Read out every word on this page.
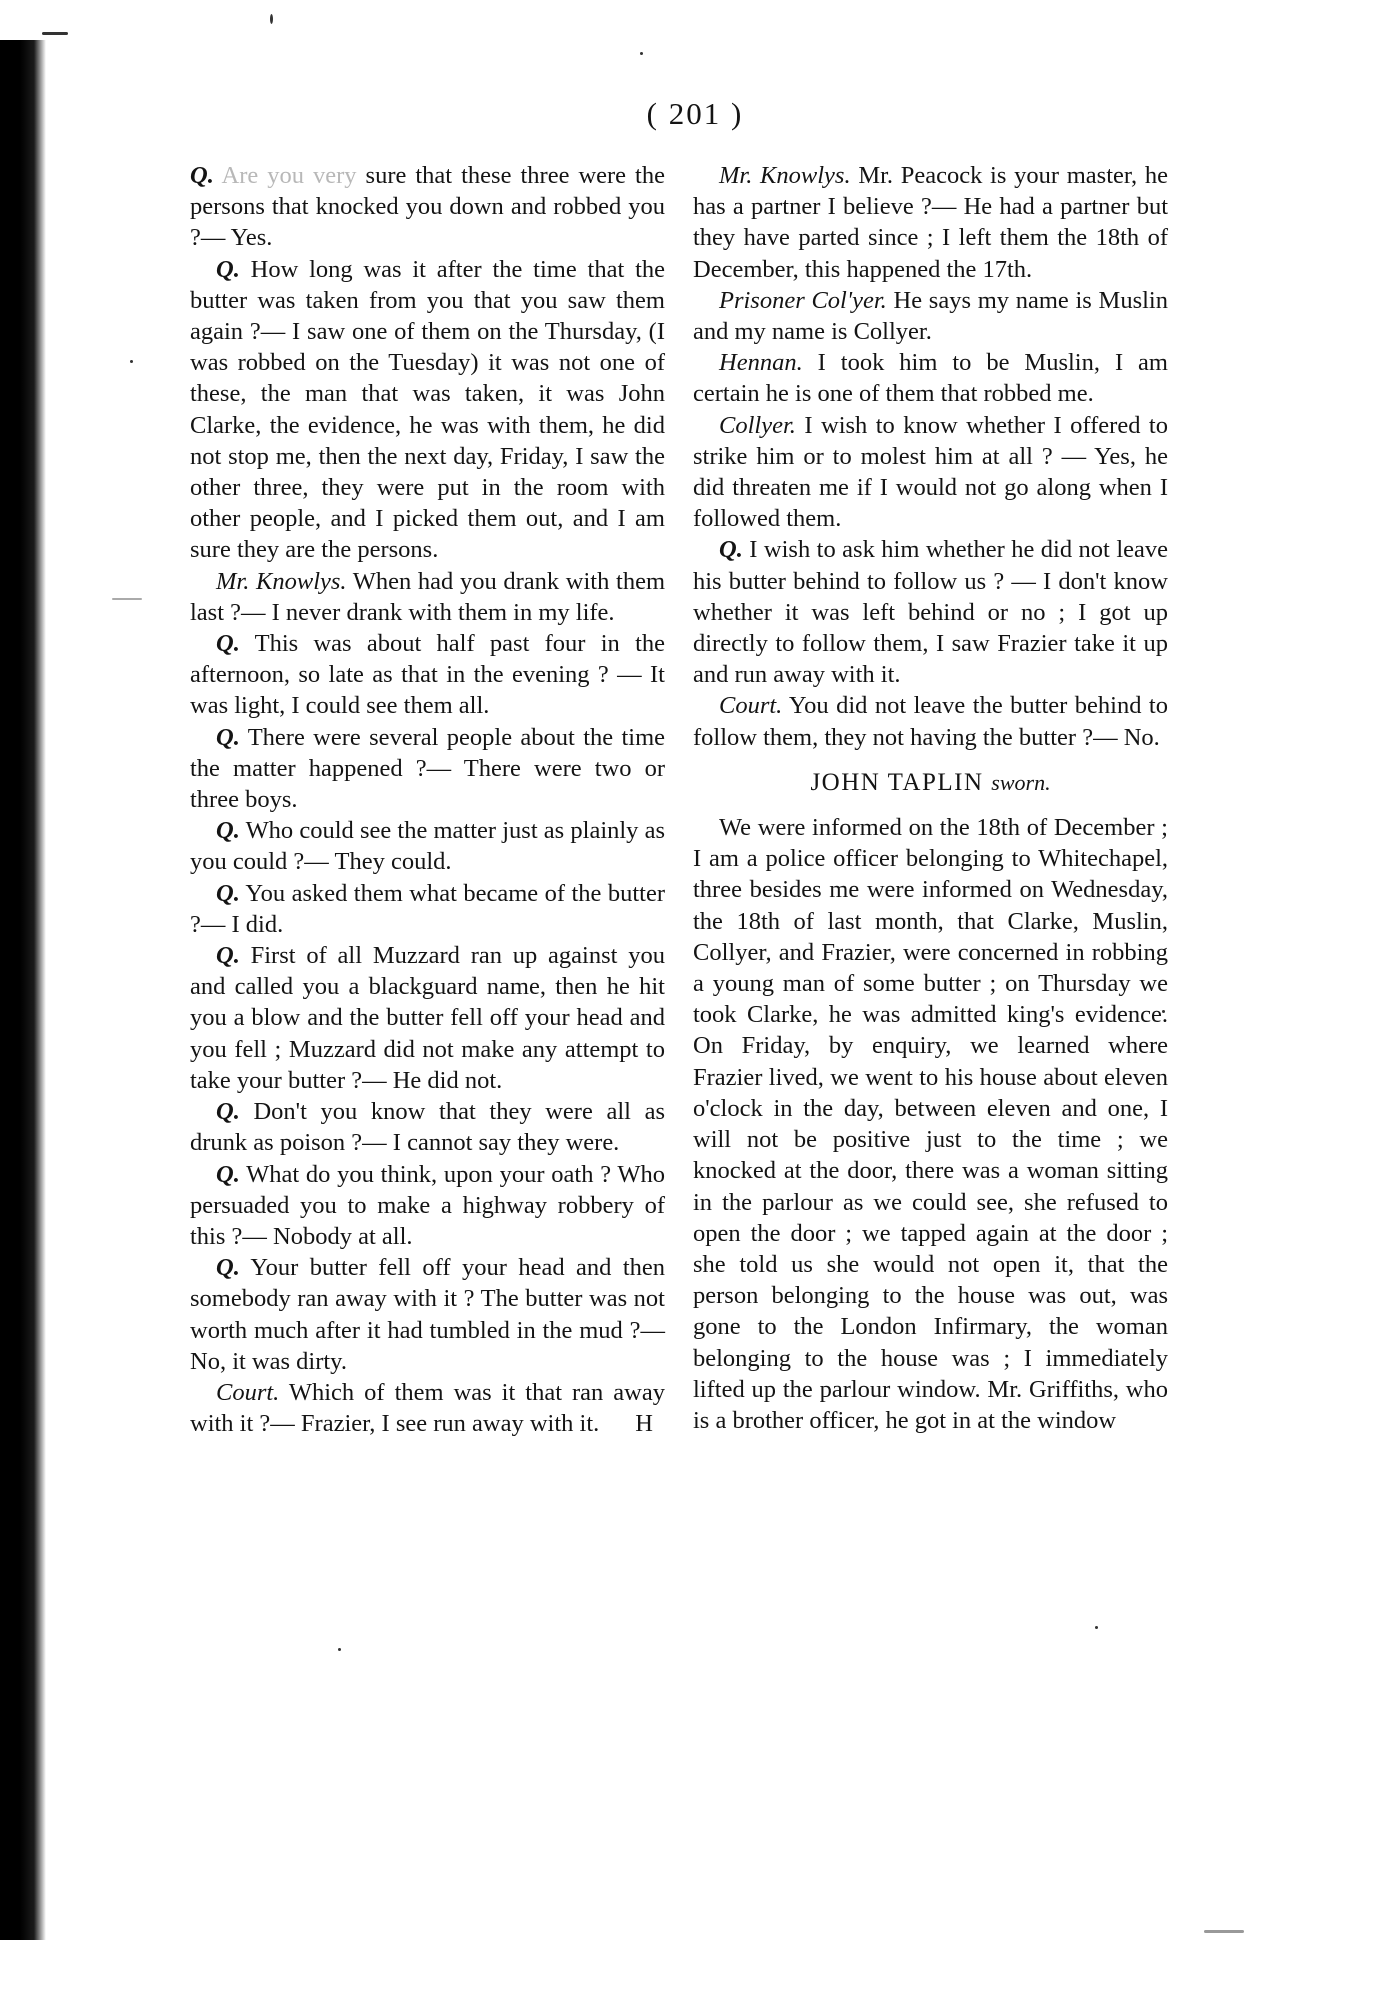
( 201 )

Q. Are you very sure that these three were the persons that knocked you down and robbed you ?— Yes.

Q. How long was it after the time that the butter was taken from you that you saw them again ?— I saw one of them on the Thursday, (I was robbed on the Tuesday) it was not one of these, the man that was taken, it was John Clarke, the evidence, he was with them, he did not stop me, then the next day, Friday, I saw the other three, they were put in the room with other people, and I picked them out, and I am sure they are the persons.

Mr. Knowlys. When had you drank with them last ?— I never drank with them in my life.

Q. This was about half past four in the afternoon, so late as that in the evening ? — It was light, I could see them all.

Q. There were several people about the time the matter happened ?— There were two or three boys.

Q. Who could see the matter just as plainly as you could ?— They could.

Q. You asked them what became of the butter ?— I did.

Q. First of all Muzzard ran up against you and called you a blackguard name, then he hit you a blow and the butter fell off your head and you fell ; Muzzard did not make any attempt to take your butter ?— He did not.

Q. Don't you know that they were all as drunk as poison ?— I cannot say they were.

Q. What do you think, upon your oath ? Who persuaded you to make a highway robbery of this ?— Nobody at all.

Q. Your butter fell off your head and then somebody ran away with it ? The butter was not worth much after it had tumbled in the mud ?— No, it was dirty.

Court. Which of them was it that ran away with it ?— Frazier, I see run away with it.	H

Mr. Knowlys. Mr. Peacock is your master, he has a partner I believe ?— He had a partner but they have parted since ; I left them the 18th of December, this happened the 17th.

Prisoner Col'yer. He says my name is Muslin and my name is Collyer.

Hennan. I took him to be Muslin, I am certain he is one of them that robbed me.

Collyer. I wish to know whether I offered to strike him or to molest him at all ? — Yes, he did threaten me if I would not go along when I followed them.

Q. I wish to ask him whether he did not leave his butter behind to follow us ? — I don't know whether it was left behind or no ; I got up directly to follow them, I saw Frazier take it up and run away with it.

Court. You did not leave the butter behind to follow them, they not having the butter ?— No.

JOHN TAPLIN sworn.

We were informed on the 18th of December ; I am a police officer belonging to Whitechapel, three besides me were informed on Wednesday, the 18th of last month, that Clarke, Muslin, Collyer, and Frazier, were concerned in robbing a young man of some butter ; on Thursday we took Clarke, he was admitted king's evidence. On Friday, by enquiry, we learned where Frazier lived, we went to his house about eleven o'clock in the day, between eleven and one, I will not be positive just to the time ; we knocked at the door, there was a woman sitting in the parlour as we could see, she refused to open the door ; we tapped again at the door ; she told us she would not open it, that the person belonging to the house was out, was gone to the London Infirmary, the woman belonging to the house was ; I immediately lifted up the parlour window. Mr. Griffiths, who is a brother officer, he got in at the window
